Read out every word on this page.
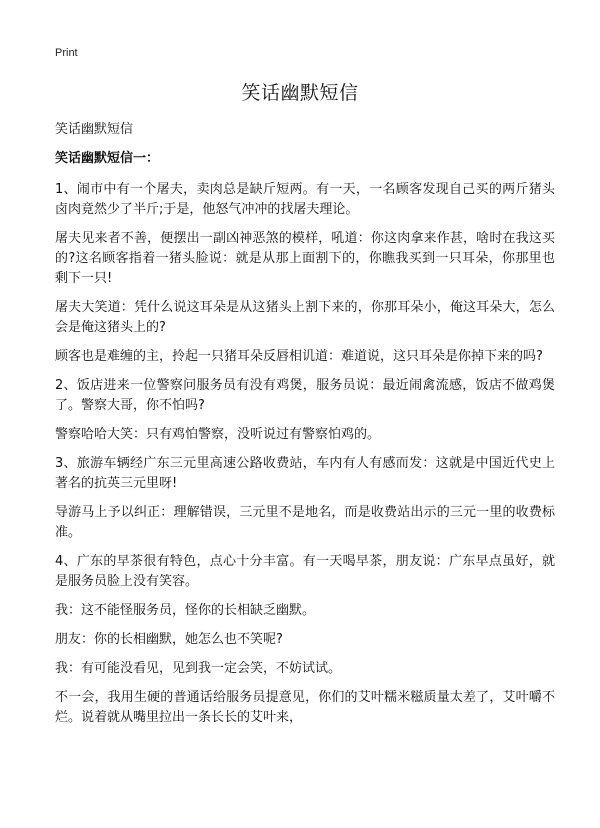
Print
笑话幽默短信

笑话幽默短信

笑话幽默短信一：

1、闹市中有一个屠夫，卖肉总是缺斤短两。有一天，一名顾客发现自己买的两斤猪头卤肉竟然少了半斤;于是，他怒气冲冲的找屠夫理论。

屠夫见来者不善，便摆出一副凶神恶煞的模样，吼道：你这肉拿来作甚，啥时在我这买的?这名顾客指着一猪头脸说：就是从那上面割下的，你瞧我买到一只耳朵，你那里也剩下一只!

屠夫大笑道：凭什么说这耳朵是从这猪头上割下来的，你那耳朵小，俺这耳朵大，怎么会是俺这猪头上的?

顾客也是难缠的主，拎起一只猪耳朵反唇相讥道：难道说，这只耳朵是你掉下来的吗?

2、饭店进来一位警察问服务员有没有鸡煲，服务员说：最近闹禽流感，饭店不做鸡煲了。警察大哥，你不怕吗?

警察哈哈大笑：只有鸡怕警察，没听说过有警察怕鸡的。

3、旅游车辆经广东三元里高速公路收费站，车内有人有感而发：这就是中国近代史上著名的抗英三元里呀!

导游马上予以纠正：理解错误，三元里不是地名，而是收费站出示的三元一里的收费标准。

4、广东的早茶很有特色，点心十分丰富。有一天喝早茶，朋友说：广东早点虽好，就是服务员脸上没有笑容。

我：这不能怪服务员，怪你的长相缺乏幽默。

朋友：你的长相幽默，她怎么也不笑呢?

我：有可能没看见，见到我一定会笑，不妨试试。

不一会，我用生硬的普通话给服务员提意见，你们的艾叶糯米糍质量太差了，艾叶嚼不烂。说着就从嘴里拉出一条长长的艾叶来，
